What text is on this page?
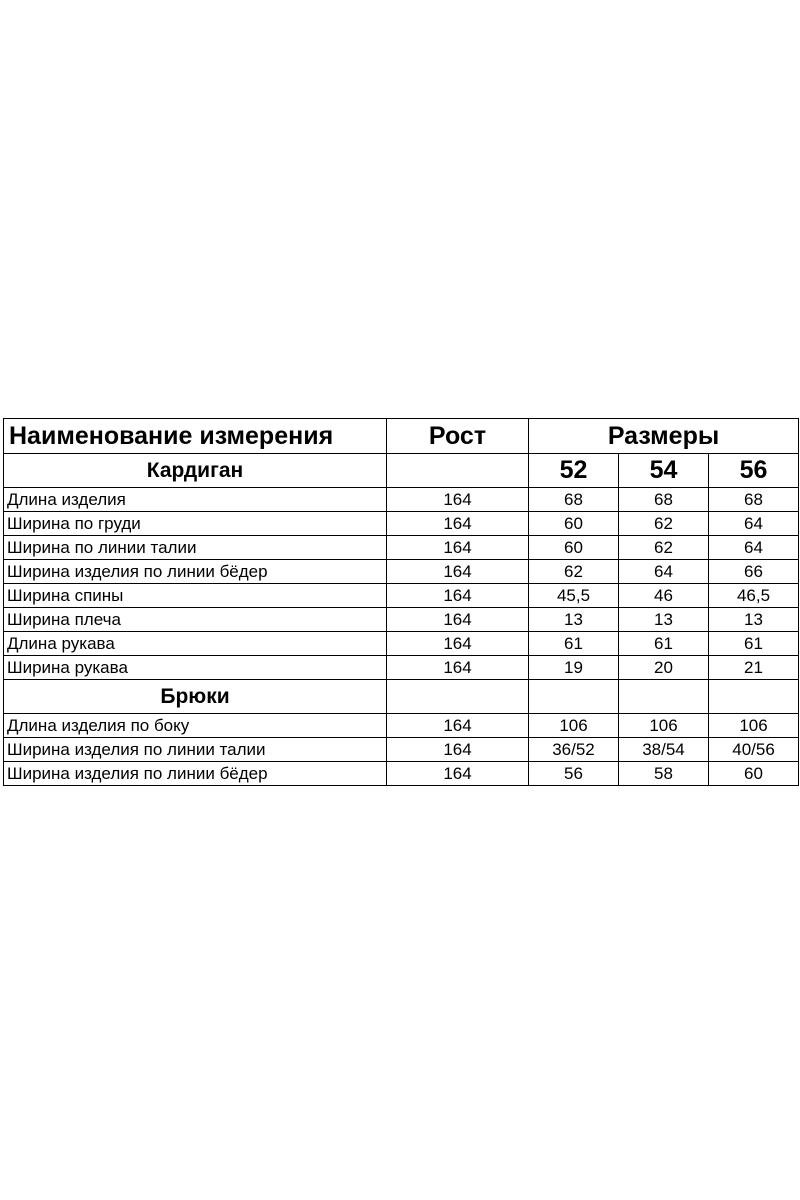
Наименование измерения	Рост	Размеры		
Кардиган		52	54	56
Длина изделия	164	68	68	68
Ширина по груди	164	60	62	64
Ширина по линии талии	164	60	62	64
Ширина изделия по линии бёдер	164	62	64	66
Ширина спины	164	45,5	46	46,5
Ширина плеча	164	13	13	13
Длина рукава	164	61	61	61
Ширина рукава	164	19	20	21
Брюки				
Длина изделия по боку	164	106	106	106
Ширина изделия по линии талии	164	36/52	38/54	40/56
Ширина изделия по линии бёдер	164	56	58	60
